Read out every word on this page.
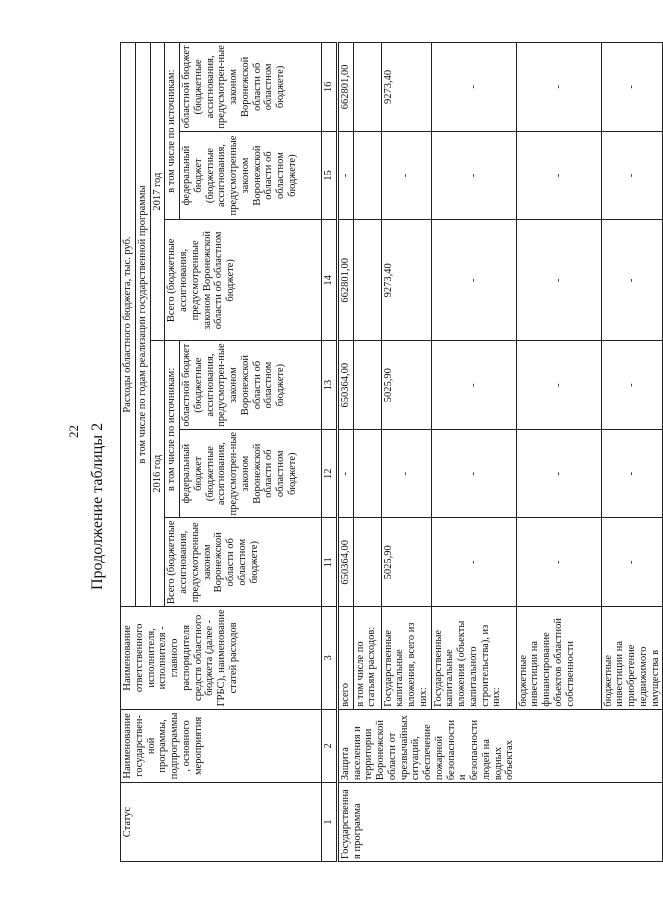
22 Продолжение таблицы 2
Статус	Наименование государствен-ной программы, подпрограммы, основного мероприятия	Наименование ответственного исполнителя, исполнителя - главного распорядителя средств областного бюджета (далее - ГРБС), наименование статей расходов	Расходы областного бюджета, тыс. руб.					
			в том числе по годам реализации государственной программы					
			2016 год			2017 год		
			Всего (бюджетные ассигнования, предусмотренные законом Воронежской области об областном бюджете)	в том числе по источникам:		Всего (бюджетные ассигнования, предусмотренные законом Воронежской области об областном бюджете)	в том числе по источникам:	
				федеральный бюджет (бюджетные ассигнования, предусмотрен-ные законом Воронежской области об областном бюджете)	областной бюджет (бюджетные ассигнования, предусмотрен-ные законом Воронежской области об областном бюджете)		федеральный бюджет (бюджетные ассигнования, предусмотренные законом Воронежской области об областном бюджете)	областной бюджет (бюджетные ассигнования, предусмотрен-ные законом Воронежской области об областном бюджете)
1	2	3	11	12	13	14	15	16
Государственная программа	Защита населения и территории Воронежской области от чрезвычайных ситуаций, обеспечение пожарной безопасности и безопасности людей на водных объектах	всего	650364,00	-	650364,00	662801,00	-	662801,00
		в том числе по статьям расходов:						
		Государственные капитальные вложения, всего из них:	5025,90	-	5025,90	9273,40	-	9273,40
		Государственные капитальные вложения (объекты капитального строительства), из них:	-	-	-	-	-	-
		бюджетные инвестиции на финансирование объектов областной собственности	-	-	-	-	-	-
		бюджетные инвестиции на приобретение недвижимого имущества в	-	-	-	-	-	-
